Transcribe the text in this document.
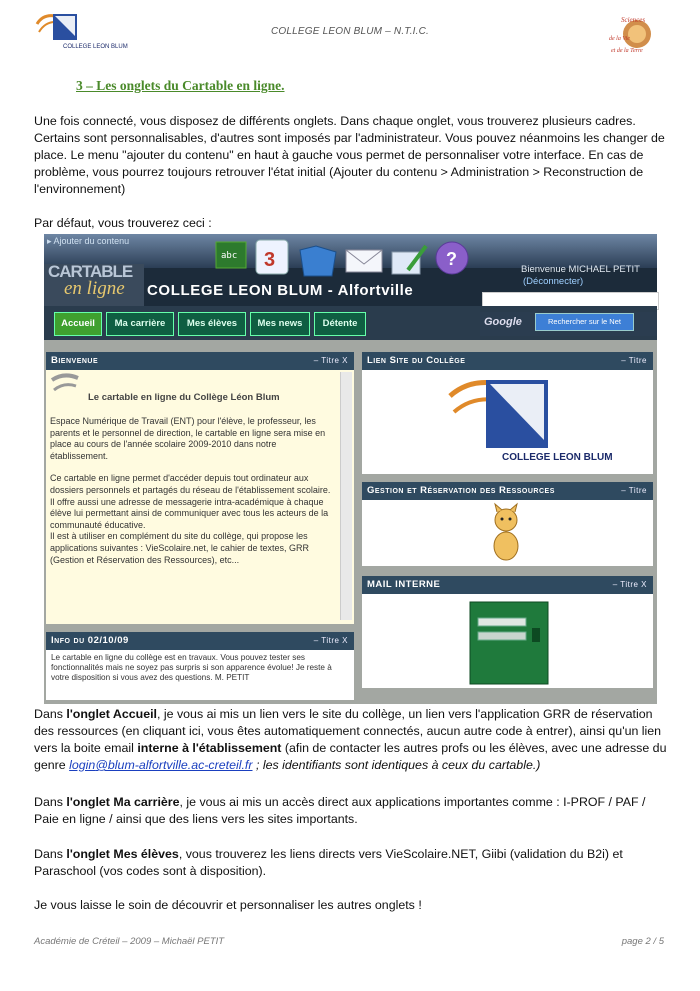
COLLEGE LEON BLUM
COLLEGE LEON BLUM – N.T.I.C.
Sciences
de la Vie
et de la Terre
3 – Les onglets du Cartable en ligne.
Une fois connecté, vous disposez de différents onglets. Dans chaque onglet, vous trouverez plusieurs cadres. Certains sont personnalisables, d'autres sont imposés par l'administrateur. Vous pouvez néanmoins les changer de place. Le menu "ajouter du contenu" en haut à gauche vous permet de personnaliser votre interface. En cas de problème, vous pourrez toujours retrouver l'état initial (Ajouter du contenu > Administration > Reconstruction de l'environnement)
Par défaut, vous trouverez ceci :
▸ Ajouter du contenu
abc 3	?
CARTABLE
en ligne COLLEGE LEON BLUM - Alfortville
Bienvenue MICHAEL PETIT
(Déconnecter)
Google	Rechercher sur le Net
Accueil	Ma carrière	Mes élèves	Mes news	Détente
Bienvenue	– Titre X
Le cartable en ligne du Collège Léon Blum
Espace Numérique de Travail (ENT) pour l'élève, le professeur, les parents et le personnel de direction, le cartable en ligne sera mise en place au cours de l'année scolaire 2009-2010 dans notre établissement.
Ce cartable en ligne permet d'accéder depuis tout ordinateur aux dossiers personnels et partagés du réseau de l'établissement scolaire. Il offre aussi une adresse de messagerie intra-académique à chaque élève lui permettant ainsi de communiquer avec tous les acteurs de la communauté éducative.
Il est à utiliser en complément du site du collège, qui propose les applications suivantes : VieScolaire.net, le cahier de textes, GRR (Gestion et Réservation des Ressources), etc...
Info du 02/10/09	– Titre X
Le cartable en ligne du collège est en travaux. Vous pouvez tester ses fonctionnalités mais ne soyez pas surpris si son apparence évolue! Je reste à votre disposition si vous avez des questions. M. PETIT
Lien Site du Collège	– Titre
COLLEGE LEON BLUM
Gestion et Réservation des Ressources	– Titre
MAIL INTERNE	– Titre X
Dans l'onglet Accueil, je vous ai mis un lien vers le site du collège, un lien vers l'application GRR de réservation des ressources (en cliquant ici, vous êtes automatiquement connectés, aucun autre code à entrer), ainsi qu'un lien vers la boite email interne à l'établissement (afin de contacter les autres profs ou les élèves, avec une adresse du genre login@blum-alfortville.ac-creteil.fr ; les identifiants sont identiques à ceux du cartable.)
Dans l'onglet Ma carrière, je vous ai mis un accès direct aux applications importantes comme : I-PROF / PAF / Paie en ligne / ainsi que des liens vers les sites importants.
Dans l'onglet Mes élèves, vous trouverez les liens directs vers VieScolaire.NET, Giibi (validation du B2i) et Paraschool (vos codes sont à disposition).
Je vous laisse le soin de découvrir et personnaliser les autres onglets !
Académie de Créteil – 2009 – Michaël PETIT	page 2 / 5
